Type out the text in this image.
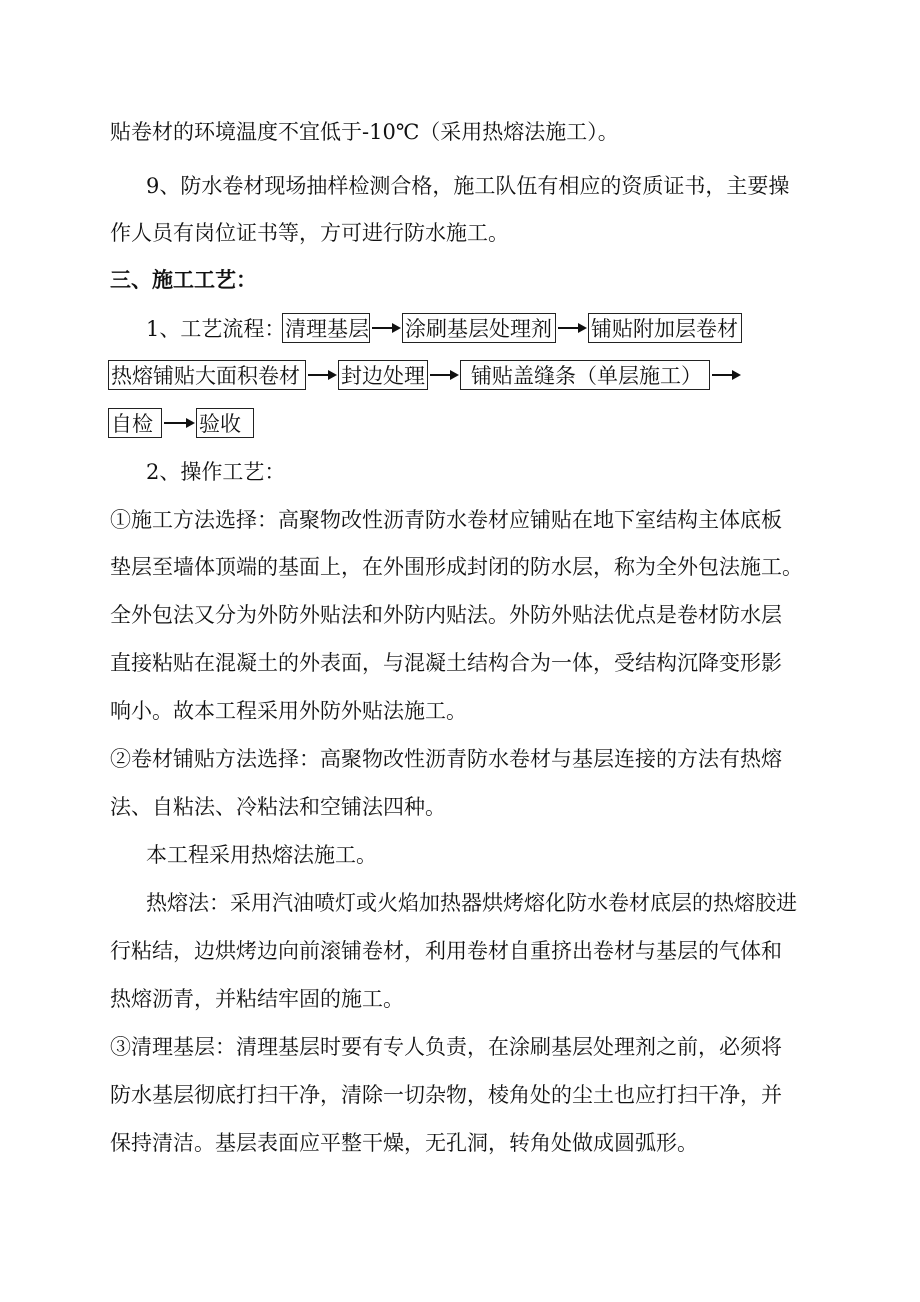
贴卷材的环境温度不宜低于-10℃（采用热熔法施工）。
9、防水卷材现场抽样检测合格，施工队伍有相应的资质证书，主要操
作人员有岗位证书等，方可进行防水施工。
三、施工工艺：
1、工艺流程： 清理基层 涂刷基层处理剂 铺贴附加层卷材
热熔铺贴大面积卷材 封边处理	铺贴盖缝条（单层施工）
自检	验收
2、操作工艺：
①施工方法选择：高聚物改性沥青防水卷材应铺贴在地下室结构主体底板
垫层至墙体顶端的基面上，在外围形成封闭的防水层，称为全外包法施工。
全外包法又分为外防外贴法和外防内贴法。外防外贴法优点是卷材防水层
直接粘贴在混凝土的外表面，与混凝土结构合为一体，受结构沉降变形影
响小。故本工程采用外防外贴法施工。
②卷材铺贴方法选择：高聚物改性沥青防水卷材与基层连接的方法有热熔
法、自粘法、冷粘法和空铺法四种。
本工程采用热熔法施工。
热熔法：采用汽油喷灯或火焰加热器烘烤熔化防水卷材底层的热熔胶进
行粘结，边烘烤边向前滚铺卷材，利用卷材自重挤出卷材与基层的气体和
热熔沥青，并粘结牢固的施工。
③清理基层：清理基层时要有专人负责，在涂刷基层处理剂之前，必须将
防水基层彻底打扫干净，清除一切杂物，棱角处的尘土也应打扫干净，并
保持清洁。基层表面应平整干燥，无孔洞，转角处做成圆弧形。
